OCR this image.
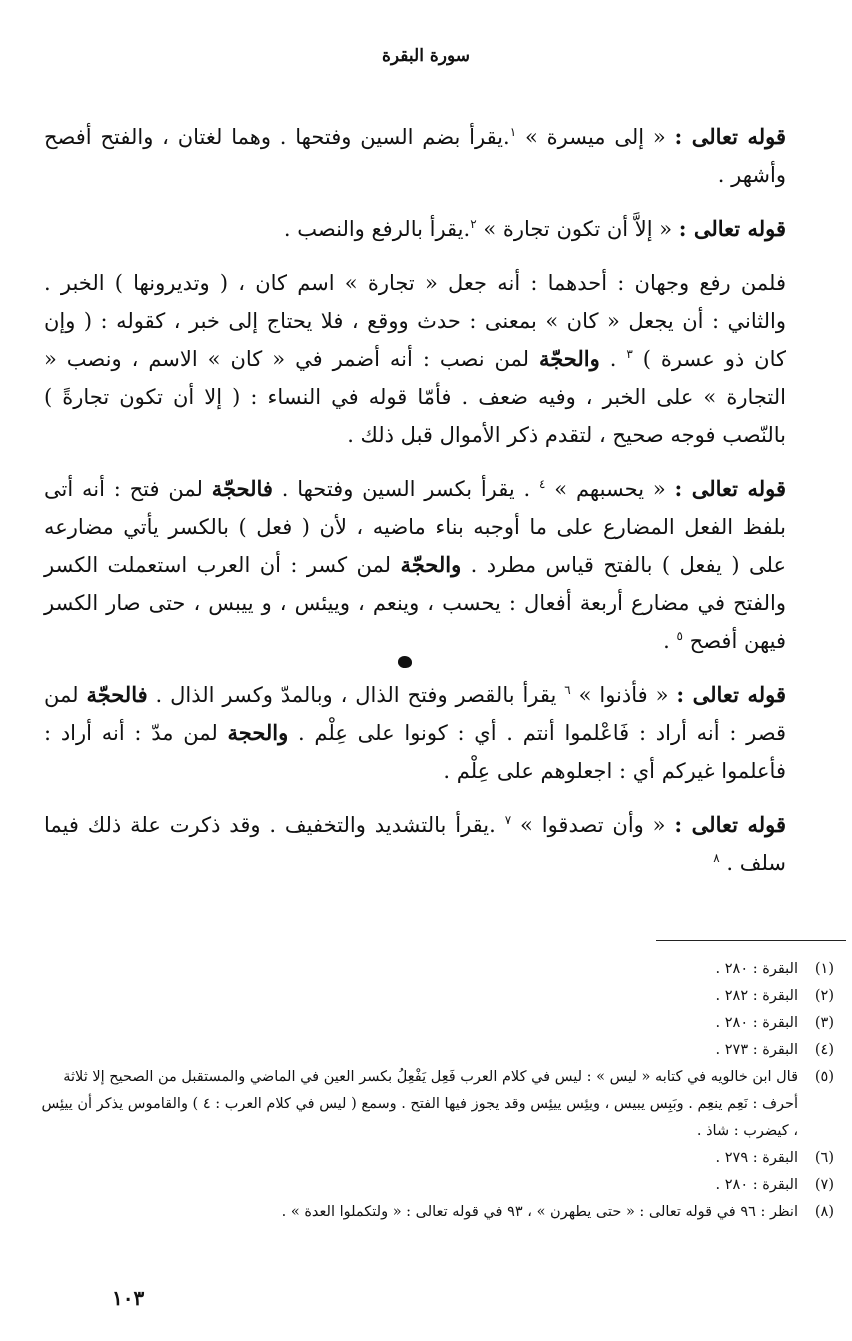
سورة البقرة

قوله تعالى : « إلى ميسرة » $^١$.يقرأ بضم السين وفتحها . وهما لغتان ، والفتح أفصح وأشهر .

قوله تعالى : « إلاَّ أن تكون تجارة » $^٢$.يقرأ بالرفع والنصب .

فلمن رفع وجهان : أحدهما : أنه جعل « تجارة » اسم كان ، ( وتديرونها ) الخبر . والثاني : أن يجعل « كان » بمعنى : حدث ووقع ، فلا يحتاج إلى خبر ، كقوله : ( وإن كان ذو عسرة ) $^٣$ . والحجّة لمن نصب : أنه أضمر في « كان » الاسم ، ونصب « التجارة » على الخبر ، وفيه ضعف . فأمّا قوله في النساء : ( إلا أن تكون تجارةً ) بالنّصب فوجه صحيح ، لتقدم ذكر الأموال قبل ذلك .

قوله تعالى : « يحسبهم » $^٤$ . يقرأ بكسر السين وفتحها . فالحجّة لمن فتح : أنه أتى بلفظ الفعل المضارع على ما أوجبه بناء ماضيه ، لأن ( فعل ) بالكسر يأتي مضارعه على ( يفعل ) بالفتح قياس مطرد . والحجّة لمن كسر : أن العرب استعملت الكسر والفتح في مضارع أربعة أفعال : يحسب ، وينعم ، وييئس ، و ييبس ، حتى صار الكسر فيهن أفصح $^٥$ .

قوله تعالى : « فأذنوا » $^٦$ يقرأ بالقصر وفتح الذال ، وبالمدّ وكسر الذال . فالحجّة لمن قصر : أنه أراد : فَاعْلموا أنتم . أي : كونوا على عِلْم . والحجة لمن مدّ : أنه أراد : فأعلموا غيركم أي : اجعلوهم على عِلْم .

قوله تعالى : « وأن تصدقوا » $^٧$ .يقرأ بالتشديد والتخفيف . وقد ذكرت علة ذلك فيما سلف . $^٨$

(١)
البقرة : ٢٨٠ .
(٢)
البقرة : ٢٨٢ .
(٣)
البقرة : ٢٨٠ .
(٤)
البقرة : ٢٧٣ .
(٥)
قال ابن خالويه في كتابه « ليس » : ليس في كلام العرب فَعِل يَفْعِلُ بكسر العين في الماضي والمستقبل من الصحيح إلا ثلاثة أحرف : نَعِم ينعِم . وبَبِس يبيس ، ويئِس ييئِس وقد يجوز فيها الفتح . وسمع ( ليس في كلام العرب : ٤ ) والقاموس يذكر أن ييئِس ، كيضرب : شاذ .
(٦)
البقرة : ٢٧٩ .
(٧)
البقرة : ٢٨٠ .
(٨)
انظر : ٩٦ في قوله تعالى : « حتى يطهرن » ، ٩٣ في قوله تعالى : « ولتكملوا العدة » .
١٠٣
